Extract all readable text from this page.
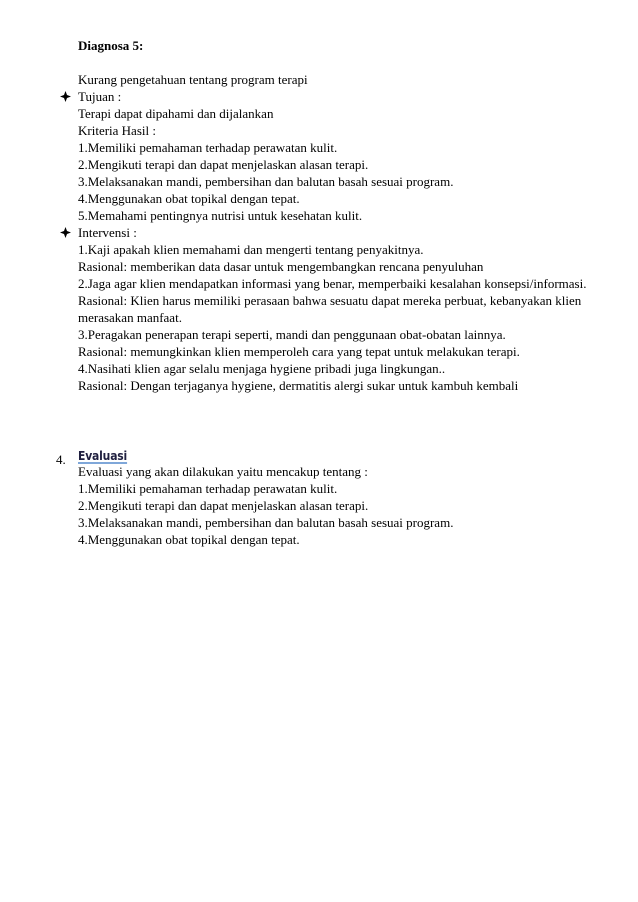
Diagnosa 5:
Kurang pengetahuan tentang program terapi
Tujuan :
Terapi dapat dipahami dan dijalankan
Kriteria Hasil :
1.Memiliki pemahaman terhadap perawatan kulit.
2.Mengikuti terapi dan dapat menjelaskan alasan terapi.
3.Melaksanakan mandi, pembersihan dan balutan basah sesuai program.
4.Menggunakan obat topikal dengan tepat.
5.Memahami pentingnya nutrisi untuk kesehatan kulit.
Intervensi :
1.Kaji apakah klien memahami dan mengerti tentang penyakitnya.
Rasional: memberikan data dasar untuk mengembangkan rencana penyuluhan
2.Jaga agar klien mendapatkan informasi yang benar, memperbaiki kesalahan konsepsi/informasi.
Rasional: Klien harus memiliki perasaan bahwa sesuatu dapat mereka perbuat, kebanyakan klien
merasakan manfaat.
3.Peragakan penerapan terapi seperti, mandi dan penggunaan obat-obatan lainnya.
Rasional: memungkinkan klien memperoleh cara yang tepat untuk melakukan terapi.
4.Nasihati klien agar selalu menjaga hygiene pribadi juga lingkungan..
Rasional: Dengan terjaganya hygiene, dermatitis alergi sukar untuk kambuh kembali
4. Evaluasi
Evaluasi yang akan dilakukan yaitu mencakup tentang :
1.Memiliki pemahaman terhadap perawatan kulit.
2.Mengikuti terapi dan dapat menjelaskan alasan terapi.
3.Melaksanakan mandi, pembersihan dan balutan basah sesuai program.
4.Menggunakan obat topikal dengan tepat.
